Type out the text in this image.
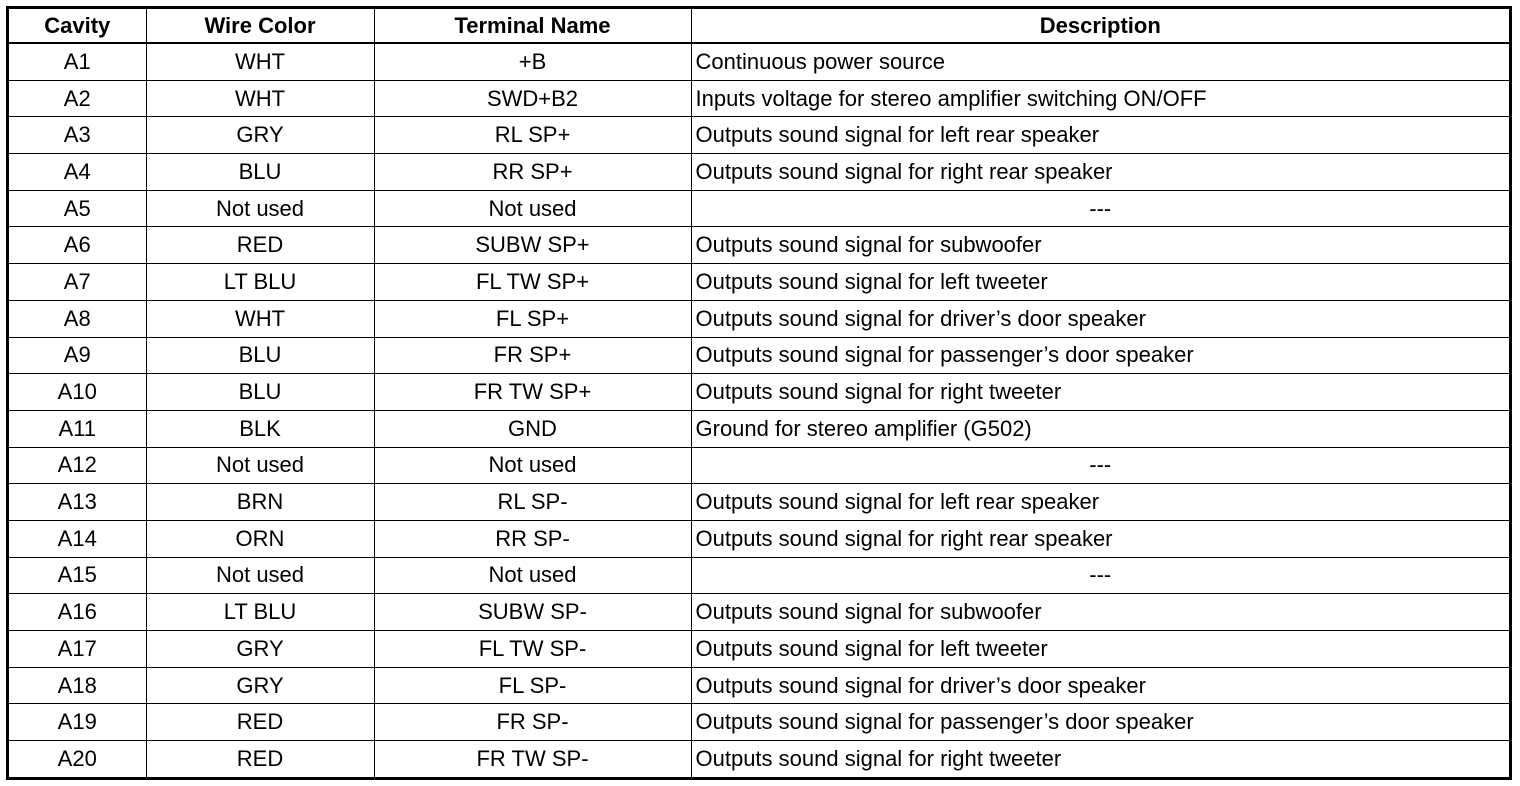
Cavity	Wire Color	Terminal Name	Description
A1	WHT	+B	Continuous power source
A2	WHT	SWD+B2	Inputs voltage for stereo amplifier switching ON/OFF
A3	GRY	RL SP+	Outputs sound signal for left rear speaker
A4	BLU	RR SP+	Outputs sound signal for right rear speaker
A5	Not used	Not used	---
A6	RED	SUBW SP+	Outputs sound signal for subwoofer
A7	LT BLU	FL TW SP+	Outputs sound signal for left tweeter
A8	WHT	FL SP+	Outputs sound signal for driver’s door speaker
A9	BLU	FR SP+	Outputs sound signal for passenger’s door speaker
A10	BLU	FR TW SP+	Outputs sound signal for right tweeter
A11	BLK	GND	Ground for stereo amplifier (G502)
A12	Not used	Not used	---
A13	BRN	RL SP-	Outputs sound signal for left rear speaker
A14	ORN	RR SP-	Outputs sound signal for right rear speaker
A15	Not used	Not used	---
A16	LT BLU	SUBW SP-	Outputs sound signal for subwoofer
A17	GRY	FL TW SP-	Outputs sound signal for left tweeter
A18	GRY	FL SP-	Outputs sound signal for driver’s door speaker
A19	RED	FR SP-	Outputs sound signal for passenger’s door speaker
A20	RED	FR TW SP-	Outputs sound signal for right tweeter
